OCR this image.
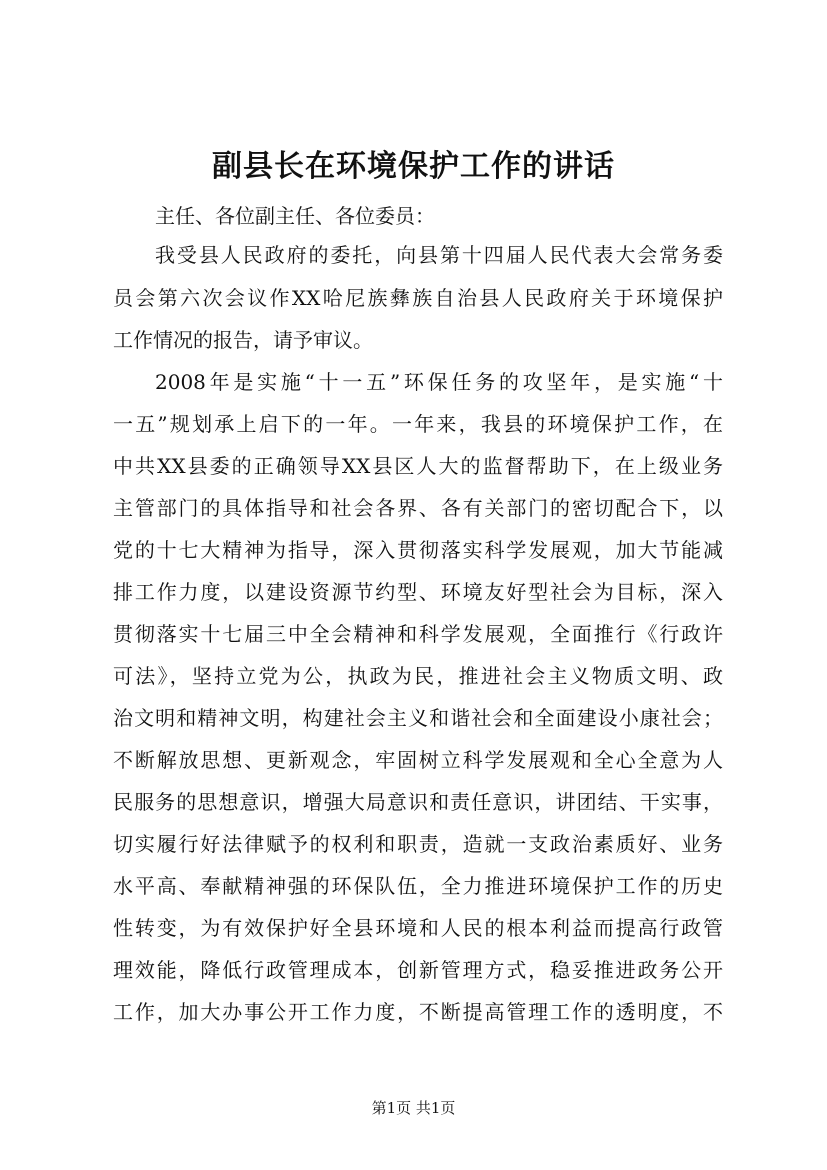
副县长在环境保护工作的讲话
主任、各位副主任、各位委员：
我受县人民政府的委托，向县第十四届人民代表大会常务委
员会第六次会议作XX哈尼族彝族自治县人民政府关于环境保护
工作情况的报告，请予审议。
2008年是实施“十一五”环保任务的攻坚年，是实施“十
一五”规划承上启下的一年。一年来，我县的环境保护工作，在
中共XX县委的正确领导XX县区人大的监督帮助下，在上级业务
主管部门的具体指导和社会各界、各有关部门的密切配合下，以
党的十七大精神为指导，深入贯彻落实科学发展观，加大节能减
排工作力度，以建设资源节约型、环境友好型社会为目标，深入
贯彻落实十七届三中全会精神和科学发展观，全面推行《行政许
可法》，坚持立党为公，执政为民，推进社会主义物质文明、政
治文明和精神文明，构建社会主义和谐社会和全面建设小康社会；
不断解放思想、更新观念，牢固树立科学发展观和全心全意为人
民服务的思想意识，增强大局意识和责任意识，讲团结、干实事，
切实履行好法律赋予的权利和职责，造就一支政治素质好、业务
水平高、奉献精神强的环保队伍，全力推进环境保护工作的历史
性转变，为有效保护好全县环境和人民的根本利益而提高行政管
理效能，降低行政管理成本，创新管理方式，稳妥推进政务公开
工作，加大办事公开工作力度，不断提高管理工作的透明度，不
第1页 共1页
